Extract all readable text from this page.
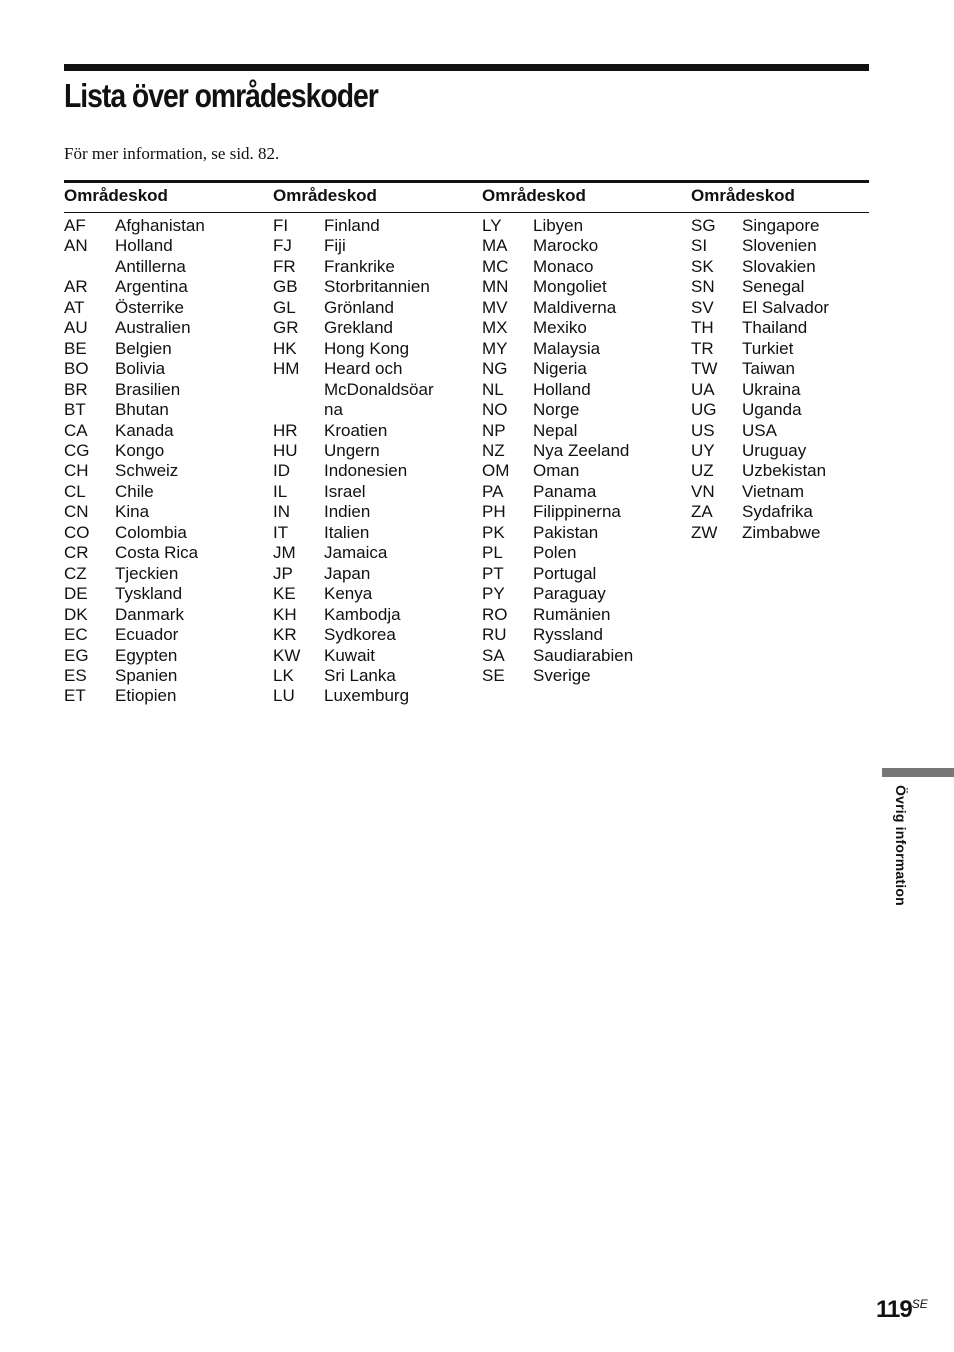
Lista över områdeskoder

För mer information, se sid. 82.

Områdeskod
AF	Afghanistan
AN	Holland
Antillerna
AR	Argentina
AT	Österrike
AU	Australien
BE	Belgien
BO	Bolivia
BR	Brasilien
BT	Bhutan
CA	Kanada
CG	Kongo
CH	Schweiz
CL	Chile
CN	Kina
CO	Colombia
CR	Costa Rica
CZ	Tjeckien
DE	Tyskland
DK	Danmark
EC	Ecuador
EG	Egypten
ES	Spanien
ET	Etiopien
Områdeskod
FI	Finland
FJ	Fiji
FR	Frankrike
GB	Storbritannien
GL	Grönland
GR	Grekland
HK	Hong Kong
HM	Heard och
McDonaldsöar
na
HR	Kroatien
HU	Ungern
ID	Indonesien
IL	Israel
IN	Indien
IT	Italien
JM	Jamaica
JP	Japan
KE	Kenya
KH	Kambodja
KR	Sydkorea
KW	Kuwait
LK	Sri Lanka
LU	Luxemburg
Områdeskod
LY	Libyen
MA	Marocko
MC	Monaco
MN	Mongoliet
MV	Maldiverna
MX	Mexiko
MY	Malaysia
NG	Nigeria
NL	Holland
NO	Norge
NP	Nepal
NZ	Nya Zeeland
OM	Oman
PA	Panama
PH	Filippinerna
PK	Pakistan
PL	Polen
PT	Portugal
PY	Paraguay
RO	Rumänien
RU	Ryssland
SA	Saudiarabien
SE	Sverige
Områdeskod
SG	Singapore
SI	Slovenien
SK	Slovakien
SN	Senegal
SV	El Salvador
TH	Thailand
TR	Turkiet
TW	Taiwan
UA	Ukraina
UG	Uganda
US	USA
UY	Uruguay
UZ	Uzbekistan
VN	Vietnam
ZA	Sydafrika
ZW	Zimbabwe
Övrig information
$119^{SE}$
